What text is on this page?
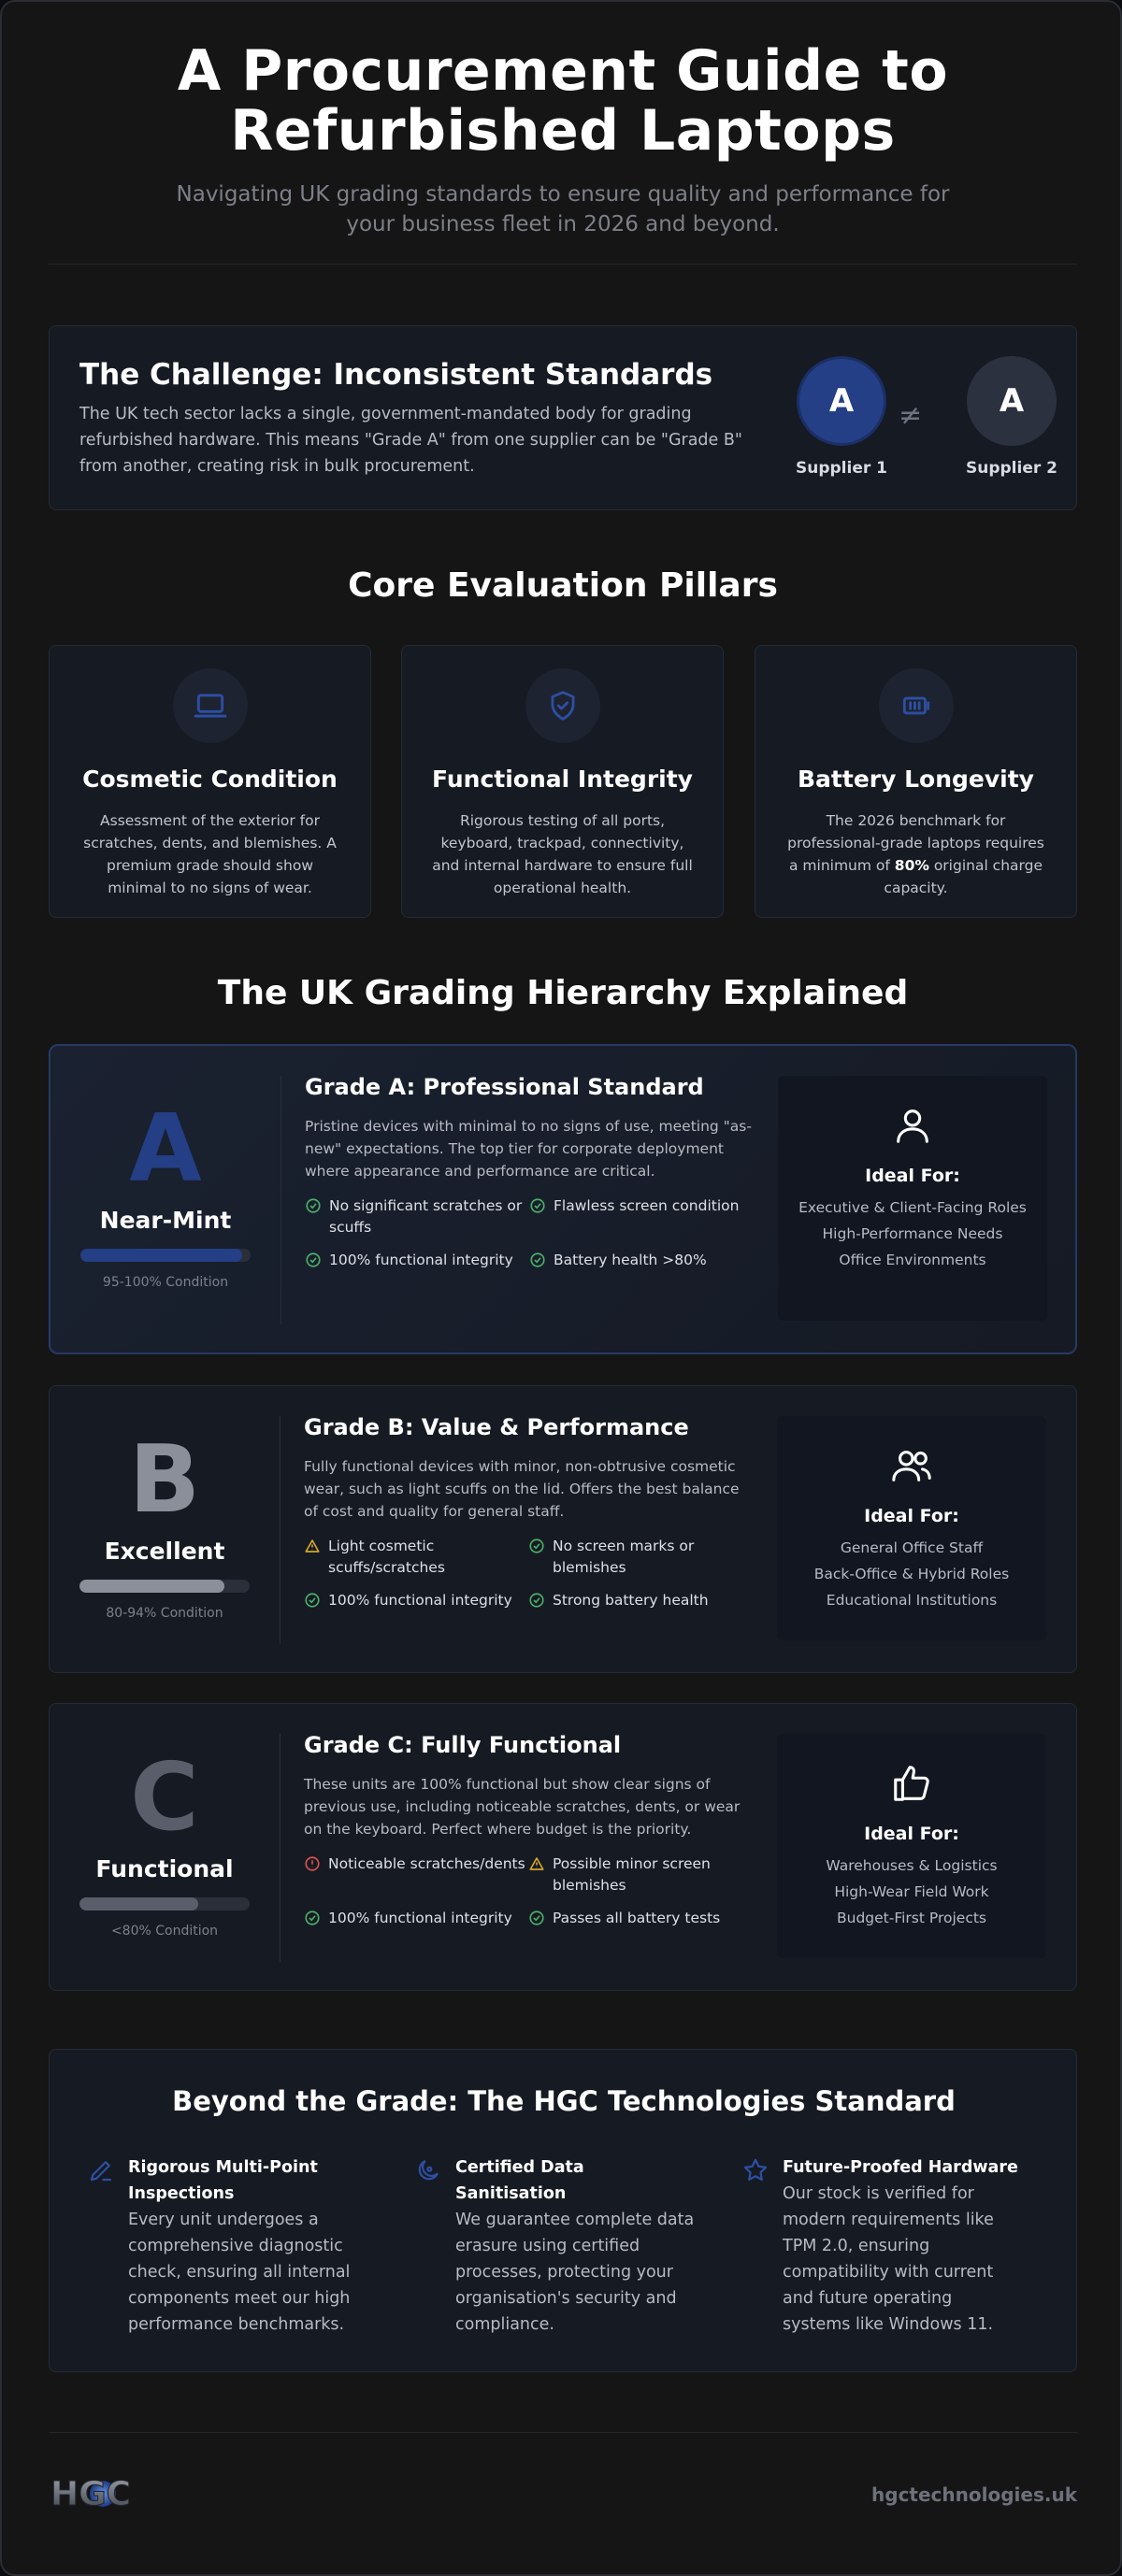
A Procurement Guide to
Refurbished Laptops

Navigating UK grading standards to ensure quality and performance for your business fleet in 2026 and beyond.

The Challenge: Inconsistent Standards

The UK tech sector lacks a single, government-mandated body for grading refurbished hardware. This means "Grade A" from one supplier can be "Grade B" from another, creating risk in bulk procurement.

A
Supplier 1
≠	A
Supplier 2
Core Evaluation Pillars
Cosmetic Condition

Assessment of the exterior for scratches, dents, and blemishes. A premium grade should show minimal to no signs of wear.

Functional Integrity

Rigorous testing of all ports, keyboard, trackpad, connectivity, and internal hardware to ensure full operational health.

Battery Longevity

The 2026 benchmark for professional-grade laptops requires a minimum of 80% original charge capacity.

The UK Grading Hierarchy Explained
A
Near-Mint
95-100% Condition
Grade A: Professional Standard

Pristine devices with minimal to no signs of use, meeting "as-new" expectations. The top tier for corporate deployment where appearance and performance are critical.

No significant scratches or scuffs
Flawless screen condition
100% functional integrity	Battery health >80%
Ideal For:
Executive & Client-Facing Roles
High-Performance Needs
Office Environments
B
Excellent
80-94% Condition
Grade B: Value & Performance

Fully functional devices with minor, non-obtrusive cosmetic wear, such as light scuffs on the lid. Offers the best balance of cost and quality for general staff.

Light cosmetic scuffs/scratches
No screen marks or blemishes
100% functional integrity	Strong battery health
Ideal For:
General Office Staff
Back-Office & Hybrid Roles
Educational Institutions
C
Functional
<80% Condition
Grade C: Fully Functional

These units are 100% functional but show clear signs of previous use, including noticeable scratches, dents, or wear on the keyboard. Perfect where budget is the priority.

Noticeable scratches/dents Possible minor screen blemishes
100% functional integrity	Passes all battery tests
Ideal For:
Warehouses & Logistics
High-Wear Field Work
Budget-First Projects
Beyond the Grade: The HGC Technologies Standard
Rigorous Multi-Point Inspections

Every unit undergoes a comprehensive diagnostic check, ensuring all internal components meet our high performance benchmarks.

Certified Data Sanitisation

We guarantee complete data erasure using certified processes, protecting your organisation's security and compliance.

Future-Proofed Hardware

Our stock is verified for modern requirements like TPM 2.0, ensuring compatibility with current and future operating systems like Windows 11.

HGC	hgctechnologies.uk
